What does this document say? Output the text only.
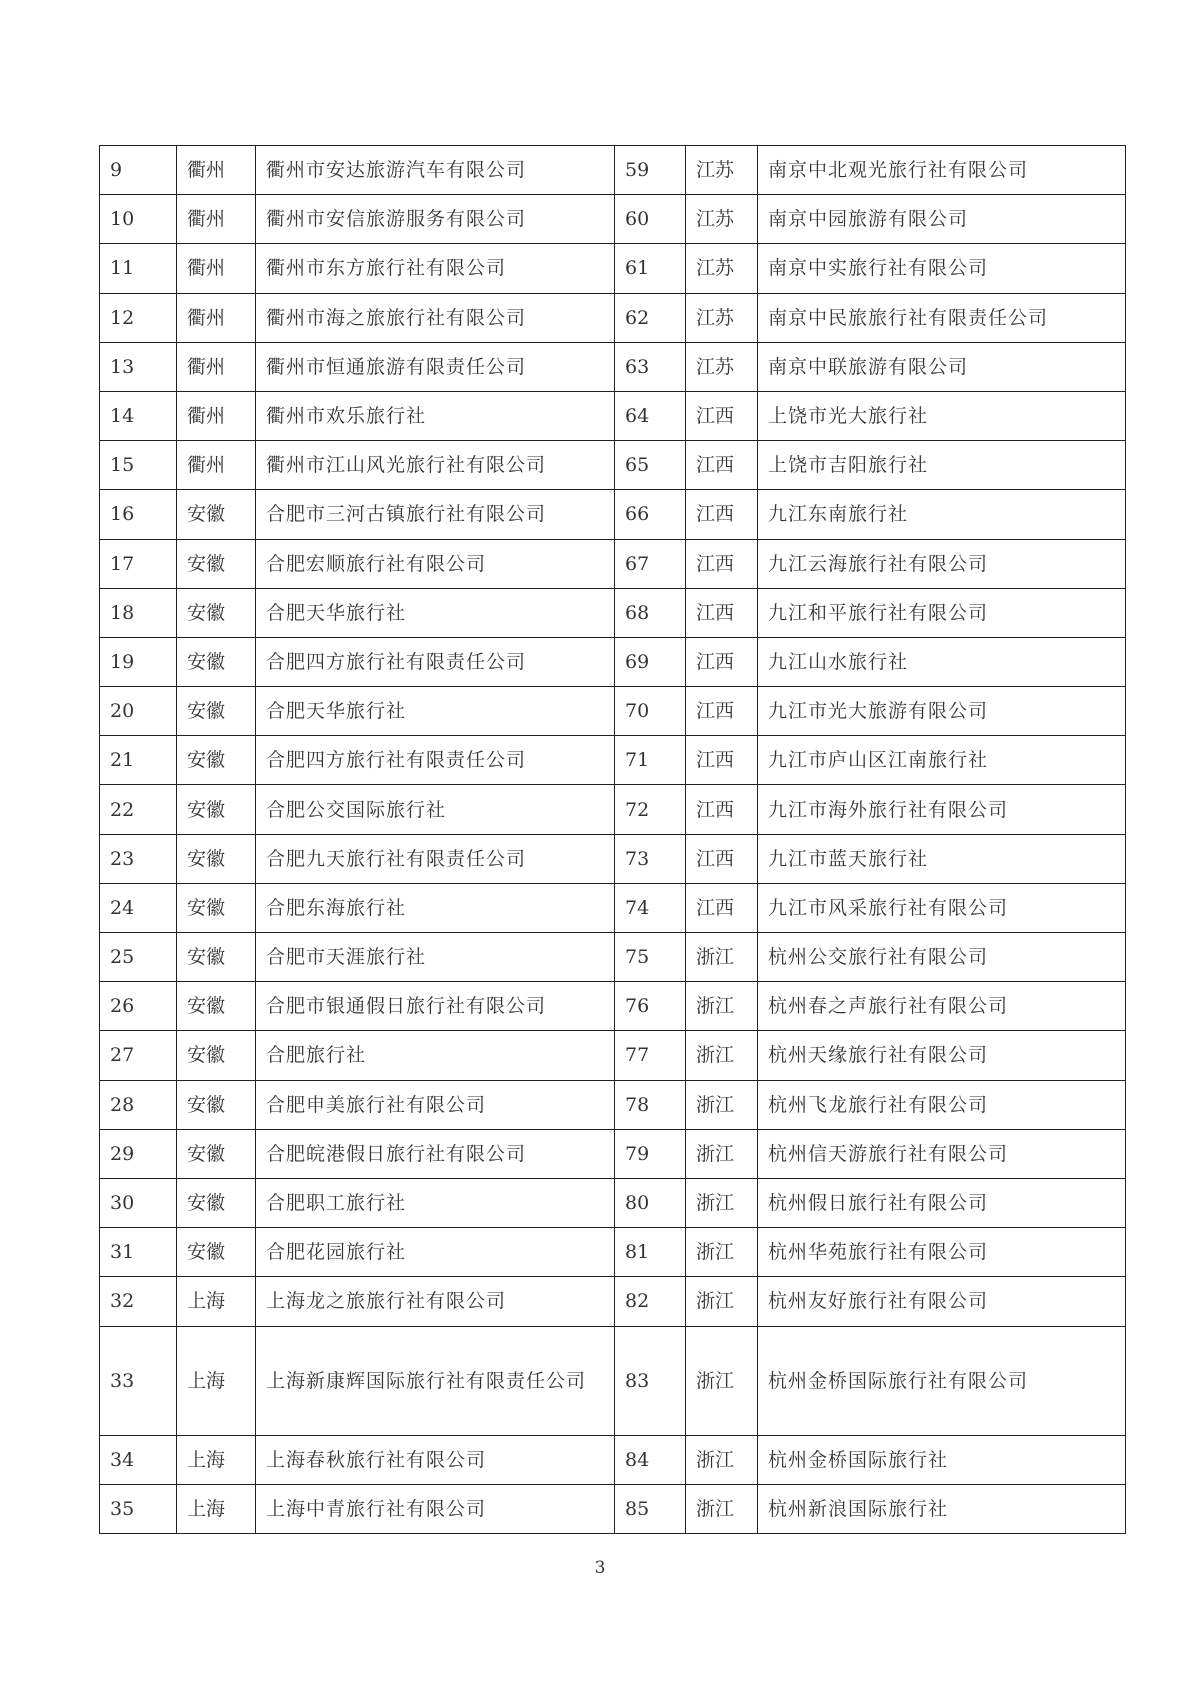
9	衢州	衢州市安达旅游汽车有限公司	59	江苏	南京中北观光旅行社有限公司
10	衢州	衢州市安信旅游服务有限公司	60	江苏	南京中园旅游有限公司
11	衢州	衢州市东方旅行社有限公司	61	江苏	南京中实旅行社有限公司
12	衢州	衢州市海之旅旅行社有限公司	62	江苏	南京中民旅旅行社有限责任公司
13	衢州	衢州市恒通旅游有限责任公司	63	江苏	南京中联旅游有限公司
14	衢州	衢州市欢乐旅行社	64	江西	上饶市光大旅行社
15	衢州	衢州市江山风光旅行社有限公司	65	江西	上饶市吉阳旅行社
16	安徽	合肥市三河古镇旅行社有限公司	66	江西	九江东南旅行社
17	安徽	合肥宏顺旅行社有限公司	67	江西	九江云海旅行社有限公司
18	安徽	合肥天华旅行社	68	江西	九江和平旅行社有限公司
19	安徽	合肥四方旅行社有限责任公司	69	江西	九江山水旅行社
20	安徽	合肥天华旅行社	70	江西	九江市光大旅游有限公司
21	安徽	合肥四方旅行社有限责任公司	71	江西	九江市庐山区江南旅行社
22	安徽	合肥公交国际旅行社	72	江西	九江市海外旅行社有限公司
23	安徽	合肥九天旅行社有限责任公司	73	江西	九江市蓝天旅行社
24	安徽	合肥东海旅行社	74	江西	九江市风采旅行社有限公司
25	安徽	合肥市天涯旅行社	75	浙江	杭州公交旅行社有限公司
26	安徽	合肥市银通假日旅行社有限公司	76	浙江	杭州春之声旅行社有限公司
27	安徽	合肥旅行社	77	浙江	杭州天缘旅行社有限公司
28	安徽	合肥申美旅行社有限公司	78	浙江	杭州飞龙旅行社有限公司
29	安徽	合肥皖港假日旅行社有限公司	79	浙江	杭州信天游旅行社有限公司
30	安徽	合肥职工旅行社	80	浙江	杭州假日旅行社有限公司
31	安徽	合肥花园旅行社	81	浙江	杭州华苑旅行社有限公司
32	上海	上海龙之旅旅行社有限公司	82	浙江	杭州友好旅行社有限公司
33	上海	上海新康辉国际旅行社有限责任公司	83	浙江	杭州金桥国际旅行社有限公司
34	上海	上海春秋旅行社有限公司	84	浙江	杭州金桥国际旅行社
35	上海	上海中青旅行社有限公司	85	浙江	杭州新浪国际旅行社
3
